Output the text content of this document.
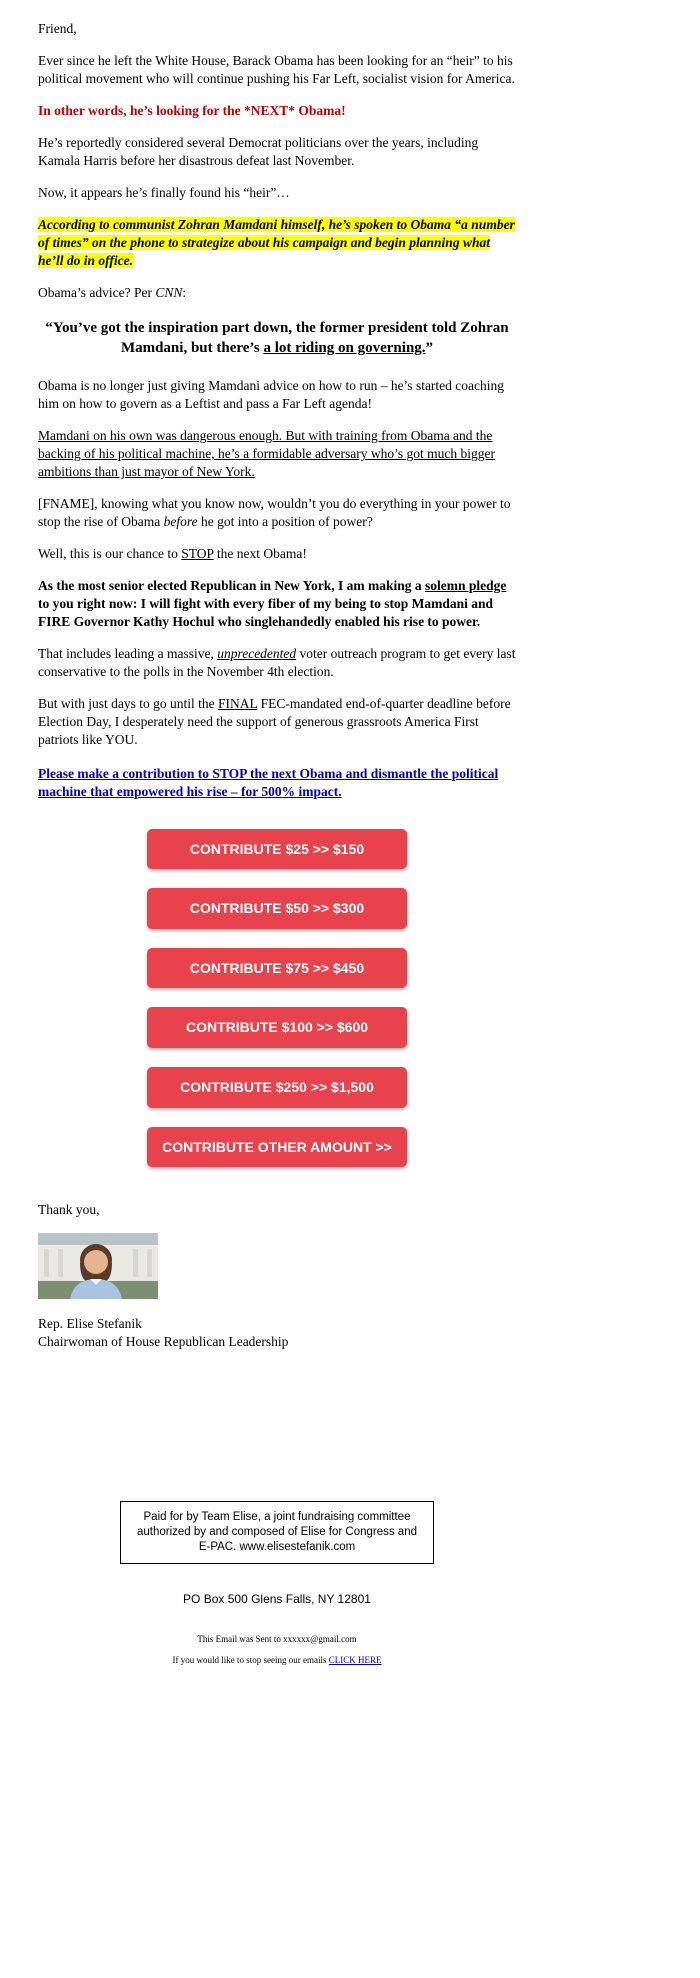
Friend,

Ever since he left the White House, Barack Obama has been looking for an “heir” to his political movement who will continue pushing his Far Left, socialist vision for America.

In other words, he’s looking for the *NEXT* Obama!

He’s reportedly considered several Democrat politicians over the years, including Kamala Harris before her disastrous defeat last November.

Now, it appears he’s finally found his “heir”…

According to communist Zohran Mamdani himself, he’s spoken to Obama “a number of times” on the phone to strategize about his campaign and begin planning what he’ll do in office.

Obama’s advice? Per CNN:

“You’ve got the inspiration part down, the former president told Zohran Mamdani, but there’s a lot riding on governing.”

Obama is no longer just giving Mamdani advice on how to run – he’s started coaching him on how to govern as a Leftist and pass a Far Left agenda!

Mamdani on his own was dangerous enough. But with training from Obama and the backing of his political machine, he’s a formidable adversary who’s got much bigger ambitions than just mayor of New York.

[FNAME], knowing what you know now, wouldn’t you do everything in your power to stop the rise of Obama before he got into a position of power?

Well, this is our chance to STOP the next Obama!

As the most senior elected Republican in New York, I am making a solemn pledge to you right now: I will fight with every fiber of my being to stop Mamdani and FIRE Governor Kathy Hochul who singlehandedly enabled his rise to power.

That includes leading a massive, unprecedented voter outreach program to get every last conservative to the polls in the November 4th election.

But with just days to go until the FINAL FEC-mandated end-of-quarter deadline before Election Day, I desperately need the support of generous grassroots America First patriots like YOU.

Please make a contribution to STOP the next Obama and dismantle the political machine that empowered his rise – for 500% impact.

CONTRIBUTE $25 >> $150
CONTRIBUTE $50 >> $300
CONTRIBUTE $75 >> $450
CONTRIBUTE $100 >> $600
CONTRIBUTE $250 >> $1,500
CONTRIBUTE OTHER AMOUNT >>

Thank you,

Rep. Elise Stefanik

Chairwoman of House Republican Leadership

Paid for by Team Elise, a joint fundraising committee authorized by and composed of Elise for Congress and E-PAC. www.elisestefanik.com
PO Box 500 Glens Falls, NY 12801
This Email was Sent to xxxxxx@gmail.com
If you would like to stop seeing our emails CLICK HERE
